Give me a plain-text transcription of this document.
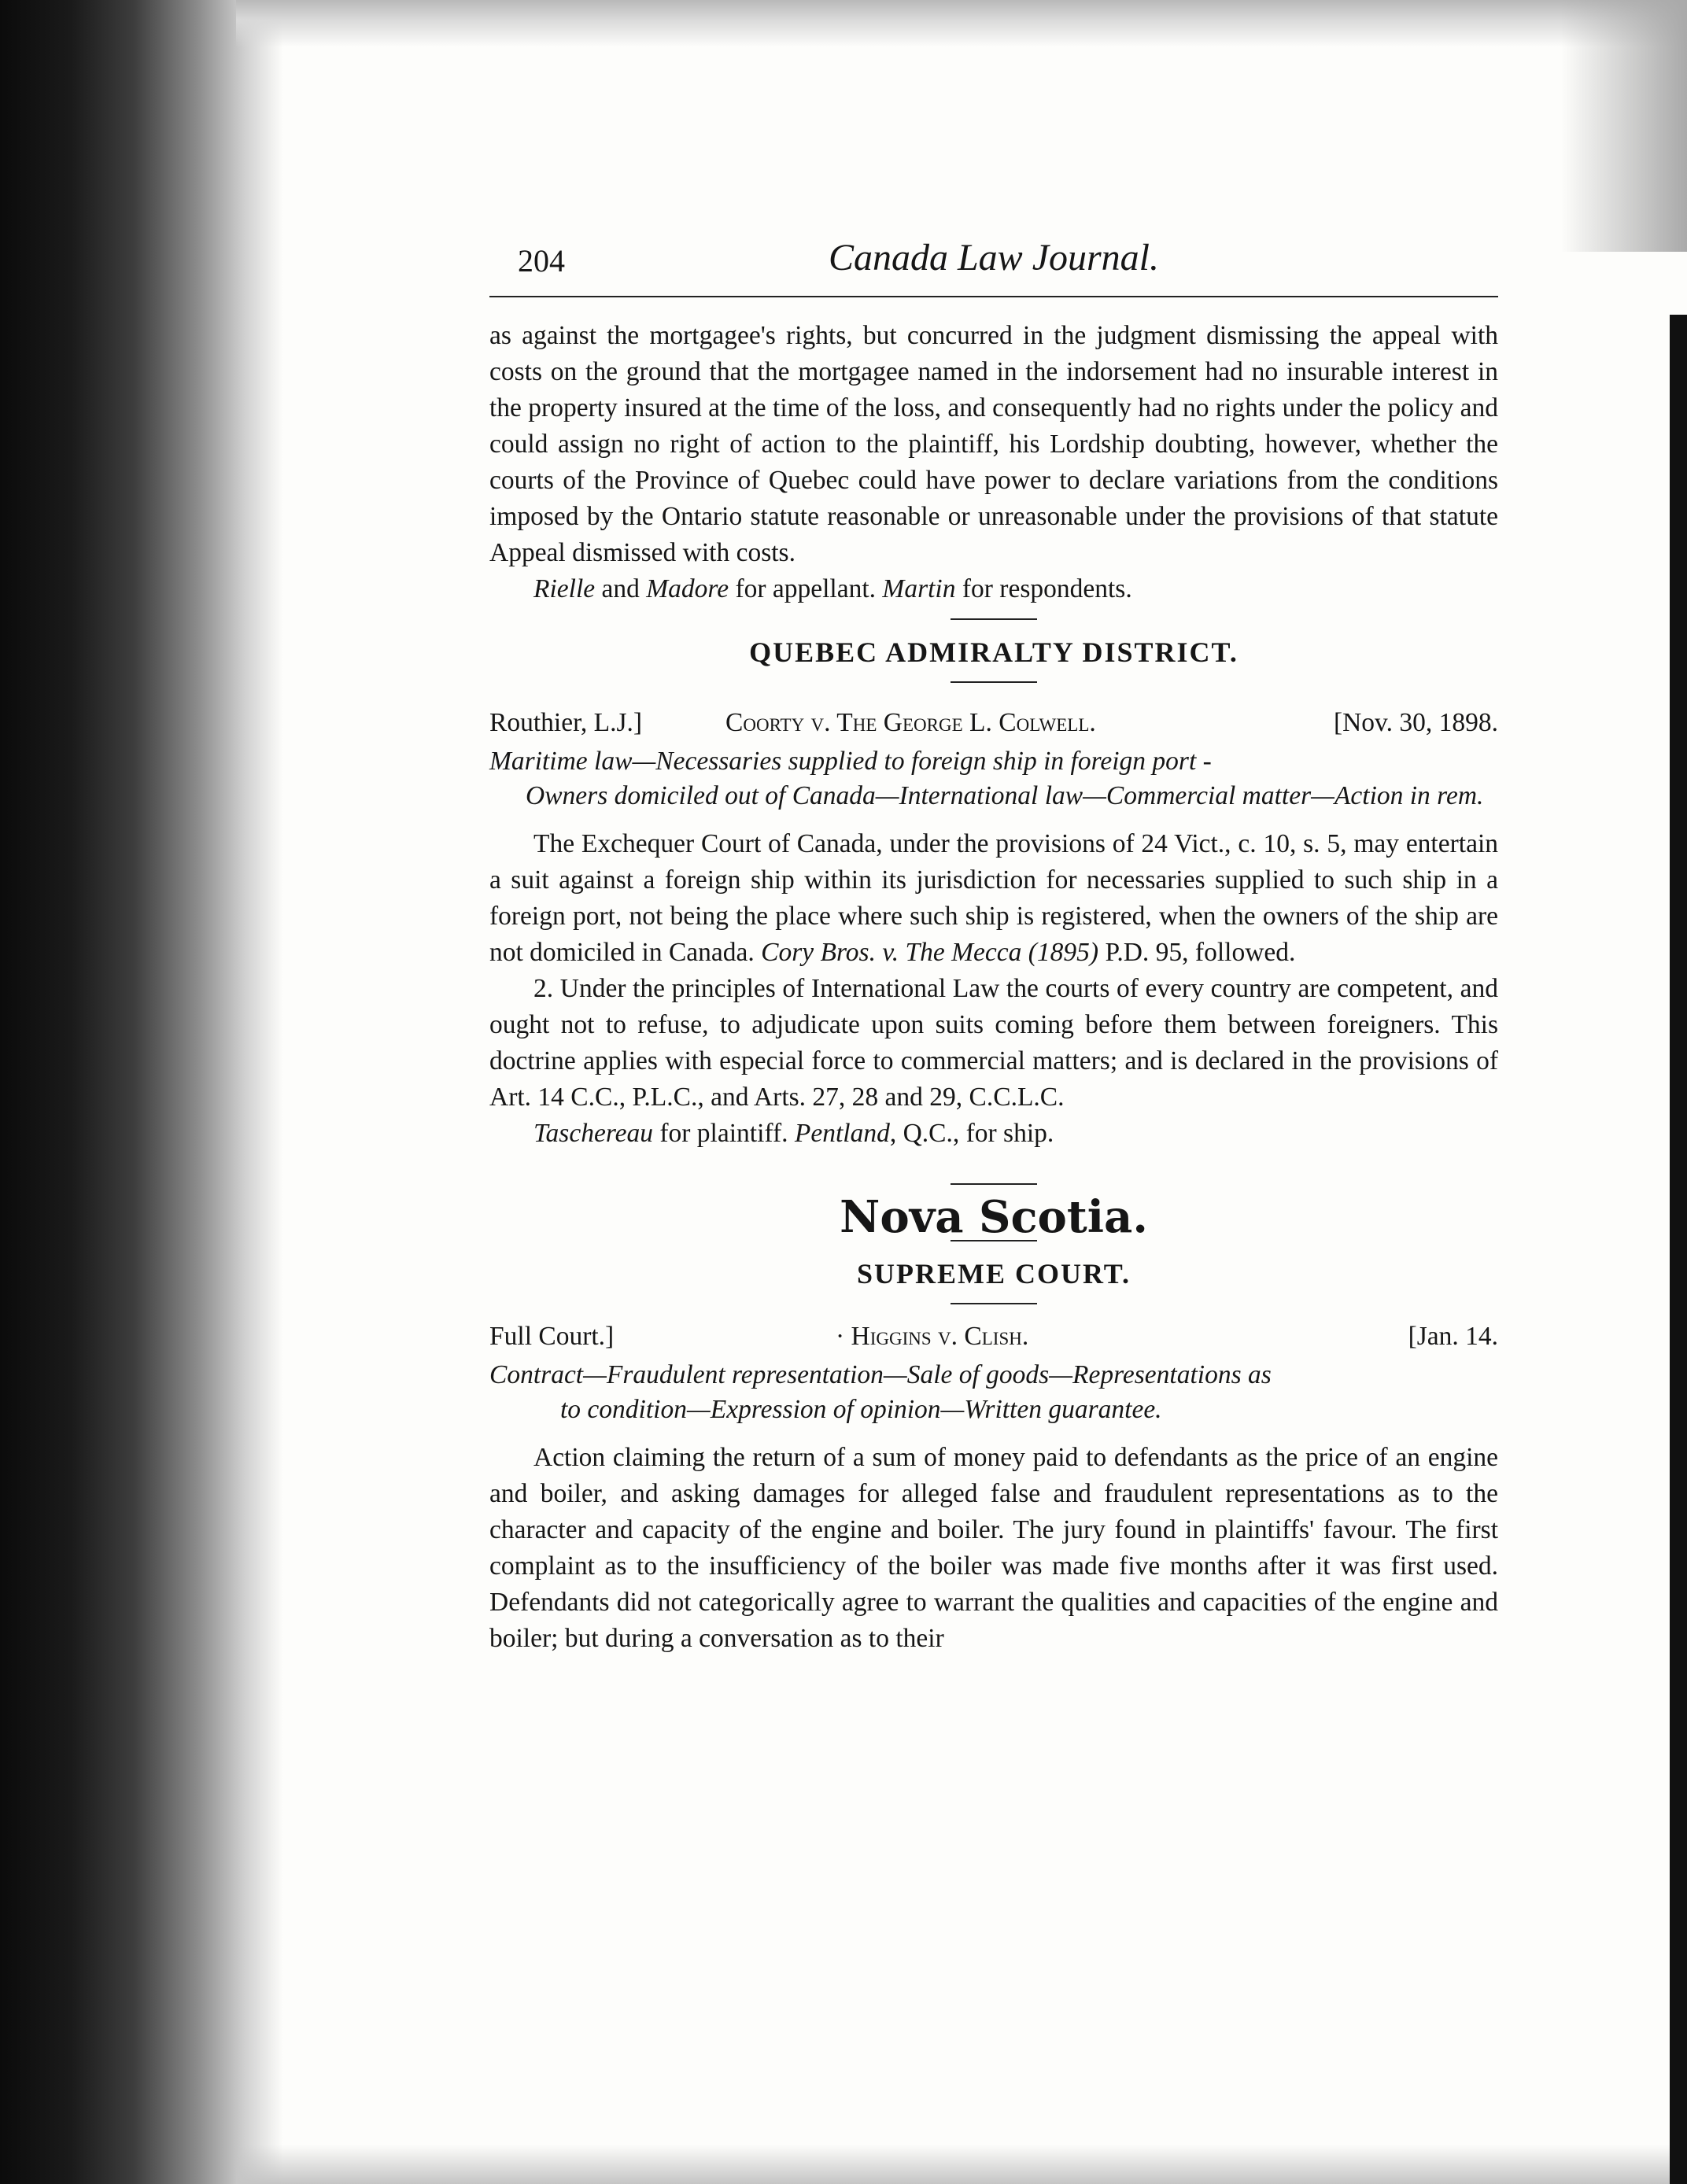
204	Canada Law Journal.

as against the mortgagee's rights, but concurred in the judgment dismissing the appeal with costs on the ground that the mortgagee named in the indorsement had no insurable interest in the property insured at the time of the loss, and consequently had no rights under the policy and could assign no right of action to the plaintiff, his Lordship doubting, however, whether the courts of the Province of Quebec could have power to declare variations from the conditions imposed by the Ontario statute reasonable or unreasonable under the provisions of that statute Appeal dismissed with costs.

Rielle and Madore for appellant. Martin for respondents.

QUEBEC ADMIRALTY DISTRICT.
Routhier, L.J.]	Coorty v. The George L. Colwell.	[Nov. 30, 1898.
Maritime law—Necessaries supplied to foreign ship in foreign port -
Owners domiciled out of Canada—International law—Commercial matter—Action in rem.

The Exchequer Court of Canada, under the provisions of 24 Vict., c. 10, s. 5, may entertain a suit against a foreign ship within its jurisdiction for necessaries supplied to such ship in a foreign port, not being the place where such ship is registered, when the owners of the ship are not domiciled in Canada. Cory Bros. v. The Mecca (1895) P.D. 95, followed.

2. Under the principles of International Law the courts of every country are competent, and ought not to refuse, to adjudicate upon suits coming before them between foreigners. This doctrine applies with especial force to commercial matters; and is declared in the provisions of Art. 14 C.C., P.L.C., and Arts. 27, 28 and 29, C.C.L.C.

Taschereau for plaintiff. Pentland, Q.C., for ship.

Nova Scotia.
SUPREME COURT.
Full Court.]	· Higgins v. Clish.	[Jan. 14.
Contract—Fraudulent representation—Sale of goods—Representations as
to condition—Expression of opinion—Written guarantee.

Action claiming the return of a sum of money paid to defendants as the price of an engine and boiler, and asking damages for alleged false and fraudulent representations as to the character and capacity of the engine and boiler. The jury found in plaintiffs' favour. The first complaint as to the insufficiency of the boiler was made five months after it was first used. Defendants did not categorically agree to warrant the qualities and capacities of the engine and boiler; but during a conversation as to their
